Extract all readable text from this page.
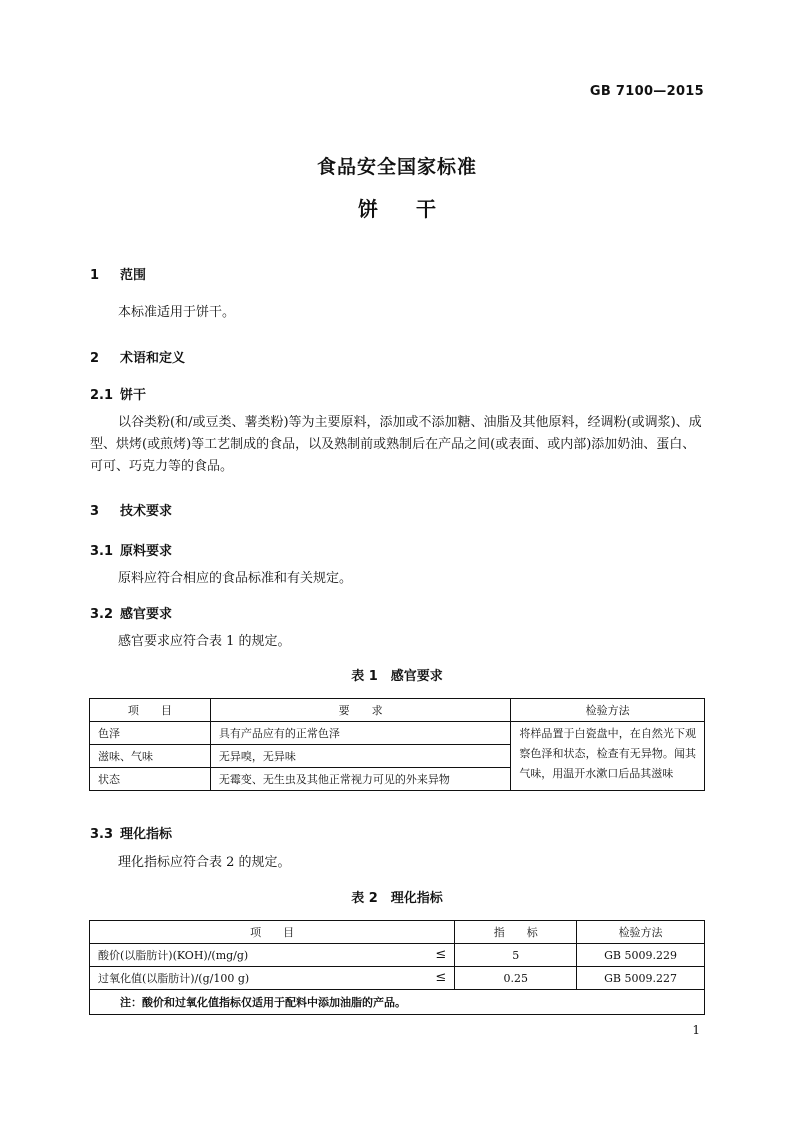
GB 7100—2015
食品安全国家标准
饼 干
1 范围
本标准适用于饼干。
2 术语和定义
2.1 饼干
以谷类粉(和/或豆类、薯类粉)等为主要原料，添加或不添加糖、油脂及其他原料，经调粉(或调浆)、成型、烘烤(或煎烤)等工艺制成的食品，以及熟制前或熟制后在产品之间(或表面、或内部)添加奶油、蛋白、可可、巧克力等的食品。
3 技术要求
3.1 原料要求
原料应符合相应的食品标准和有关规定。
3.2 感官要求
感官要求应符合表 1 的规定。
表 1　感官要求
项　　目	要　　求	检验方法
色泽	具有产品应有的正常色泽	将样品置于白瓷盘中，在自然光下观察色泽和状态，检查有无异物。闻其气味，用温开水漱口后品其滋味
滋味、气味	无异嗅，无异味	
状态	无霉变、无生虫及其他正常视力可见的外来异物	
3.3 理化指标
理化指标应符合表 2 的规定。
表 2　理化指标
项　　目	指　　标	检验方法
酸价(以脂肪计)(KOH)/(mg/g) ≤	5	GB 5009.229
过氧化值(以脂肪计)/(g/100 g) ≤	0.25	GB 5009.227
注：酸价和过氧化值指标仅适用于配料中添加油脂的产品。		
1
